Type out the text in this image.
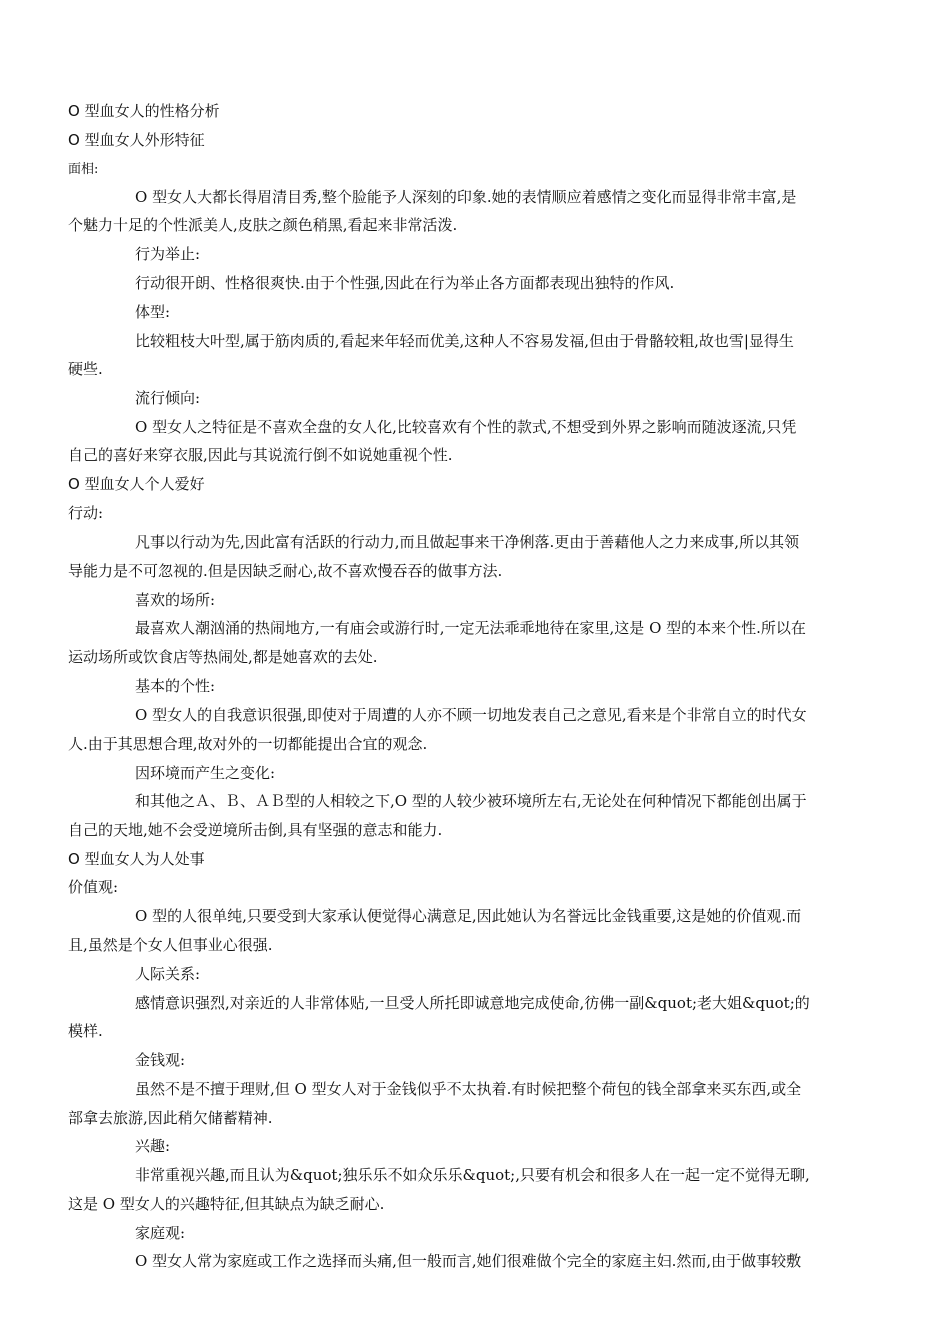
O 型血女人的性格分析

O 型血女人外形特征

面相:

O 型女人大都长得眉清目秀,整个脸能予人深刻的印象.她的表情顺应着感情之变化而显得非常丰富,是

个魅力十足的个性派美人,皮肤之颜色稍黑,看起来非常活泼.

行为举止:

行动很开朗、性格很爽快.由于个性强,因此在行为举止各方面都表现出独特的作风.

体型:

比较粗枝大叶型,属于筋肉质的,看起来年轻而优美,这种人不容易发福,但由于骨骼较粗,故也雪|显得生

硬些.

流行倾向:

O 型女人之特征是不喜欢全盘的女人化,比较喜欢有个性的款式,不想受到外界之影响而随波逐流,只凭

自己的喜好来穿衣服,因此与其说流行倒不如说她重视个性.

O 型血女人个人爱好

行动:

凡事以行动为先,因此富有活跃的行动力,而且做起事来干净俐落.更由于善藉他人之力来成事,所以其领

导能力是不可忽视的.但是因缺乏耐心,故不喜欢慢吞吞的做事方法.

喜欢的场所:

最喜欢人潮汹涌的热闹地方,一有庙会或游行时,一定无法乖乖地待在家里,这是 O 型的本来个性.所以在

运动场所或饮食店等热闹处,都是她喜欢的去处.

基本的个性:

O 型女人的自我意识很强,即使对于周遭的人亦不顾一切地发表自己之意见,看来是个非常自立的时代女

人.由于其思想合理,故对外的一切都能提出合宜的观念.

因环境而产生之变化:

和其他之Ａ、Ｂ、ＡＢ型的人相较之下,O 型的人较少被环境所左右,无论处在何种情况下都能创出属于

自己的天地,她不会受逆境所击倒,具有坚强的意志和能力.

O 型血女人为人处事

价值观:

O 型的人很单纯,只要受到大家承认便觉得心满意足,因此她认为名誉远比金钱重要,这是她的价值观.而

且,虽然是个女人但事业心很强.

人际关系:

感情意识强烈,对亲近的人非常体贴,一旦受人所托即诚意地完成使命,彷佛一副&quot;老大姐&quot;的

模样.

金钱观:

虽然不是不擅于理财,但 O 型女人对于金钱似乎不太执着.有时候把整个荷包的钱全部拿来买东西,或全

部拿去旅游,因此稍欠储蓄精神.

兴趣:

非常重视兴趣,而且认为&quot;独乐乐不如众乐乐&quot;,只要有机会和很多人在一起一定不觉得无聊,

这是 O 型女人的兴趣特征,但其缺点为缺乏耐心.

家庭观:

O 型女人常为家庭或工作之选择而头痛,但一般而言,她们很难做个完全的家庭主妇.然而,由于做事较敷
